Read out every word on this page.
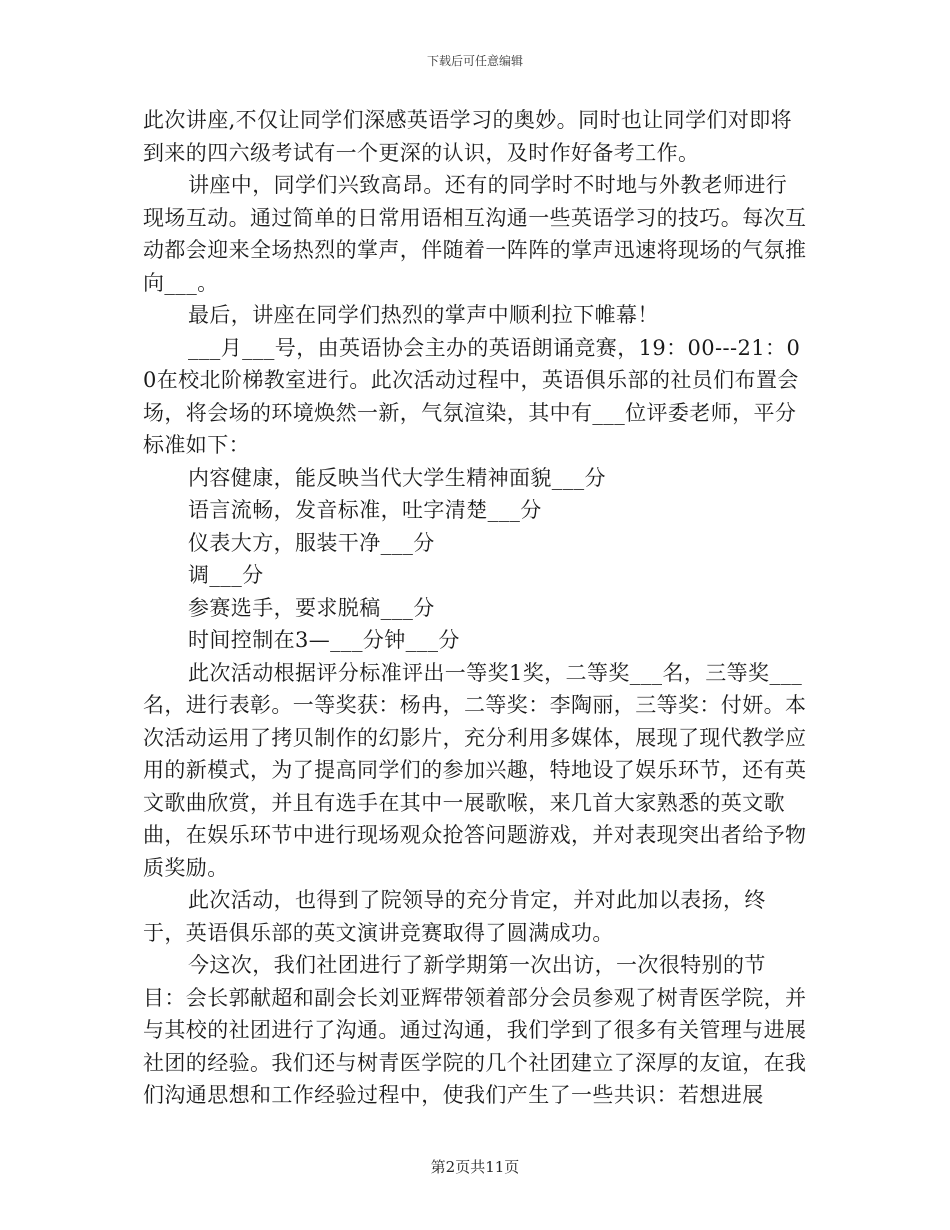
下载后可任意编辑

此次讲座,不仅让同学们深感英语学习的奥妙。同时也让同学们对即将到来的四六级考试有一个更深的认识，及时作好备考工作。

讲座中，同学们兴致高昂。还有的同学时不时地与外教老师进行现场互动。通过简单的日常用语相互沟通一些英语学习的技巧。每次互动都会迎来全场热烈的掌声，伴随着一阵阵的掌声迅速将现场的气氛推向___。

最后，讲座在同学们热烈的掌声中顺利拉下帷幕！

___月___号，由英语协会主办的英语朗诵竞赛，19：00---21：00在校北阶梯教室进行。此次活动过程中，英语俱乐部的社员们布置会场，将会场的环境焕然一新，气氛渲染，其中有___位评委老师，平分标准如下：

内容健康，能反映当代大学生精神面貌___分

语言流畅，发音标准，吐字清楚___分

仪表大方，服装干净___分

调___分

参赛选手，要求脱稿___分

时间控制在3—___分钟___分

此次活动根据评分标准评出一等奖1奖，二等奖___名，三等奖___名，进行表彰。一等奖获：杨冉，二等奖：李陶丽，三等奖：付妍。本次活动运用了拷贝制作的幻影片，充分利用多媒体，展现了现代教学应用的新模式，为了提高同学们的参加兴趣，特地设了娱乐环节，还有英文歌曲欣赏，并且有选手在其中一展歌喉，来几首大家熟悉的英文歌曲，在娱乐环节中进行现场观众抢答问题游戏，并对表现突出者给予物质奖励。

此次活动，也得到了院领导的充分肯定，并对此加以表扬，终于，英语俱乐部的英文演讲竞赛取得了圆满成功。

今这次，我们社团进行了新学期第一次出访，一次很特别的节目：会长郭献超和副会长刘亚辉带领着部分会员参观了树青医学院，并与其校的社团进行了沟通。通过沟通，我们学到了很多有关管理与进展社团的经验。我们还与树青医学院的几个社团建立了深厚的友谊，在我们沟通思想和工作经验过程中，使我们产生了一些共识：若想进展

第2页共11页
